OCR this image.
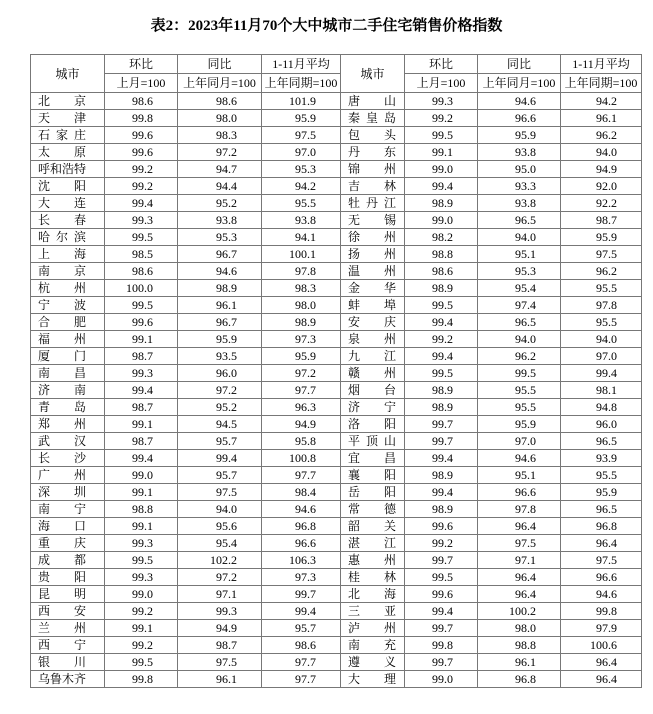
表2：2023年11月70个大中城市二手住宅销售价格指数
城市	环比	同比	1-11月平均	城市	环比	同比	1-11月平均
	上月=100	上年同月=100	上年同期=100		上月=100	上年同月=100	上年同期=100
北京	98.6	98.6	101.9	唐山	99.3	94.6	94.2
天津	99.8	98.0	95.9	秦皇岛	99.2	96.6	96.1
石家庄	99.6	98.3	97.5	包头	99.5	95.9	96.2
太原	99.6	97.2	97.0	丹东	99.1	93.8	94.0
呼和浩特	99.2	94.7	95.3	锦州	99.0	95.0	94.9
沈阳	99.2	94.4	94.2	吉林	99.4	93.3	92.0
大连	99.4	95.2	95.5	牡丹江	98.9	93.8	92.2
长春	99.3	93.8	93.8	无锡	99.0	96.5	98.7
哈尔滨	99.5	95.3	94.1	徐州	98.2	94.0	95.9
上海	98.5	96.7	100.1	扬州	98.8	95.1	97.5
南京	98.6	94.6	97.8	温州	98.6	95.3	96.2
杭州	100.0	98.9	98.3	金华	98.9	95.4	95.5
宁波	99.5	96.1	98.0	蚌埠	99.5	97.4	97.8
合肥	99.6	96.7	98.9	安庆	99.4	96.5	95.5
福州	99.1	95.9	97.3	泉州	99.2	94.0	94.0
厦门	98.7	93.5	95.9	九江	99.4	96.2	97.0
南昌	99.3	96.0	97.2	赣州	99.5	99.5	99.4
济南	99.4	97.2	97.7	烟台	98.9	95.5	98.1
青岛	98.7	95.2	96.3	济宁	98.9	95.5	94.8
郑州	99.1	94.5	94.9	洛阳	99.7	95.9	96.0
武汉	98.7	95.7	95.8	平顶山	99.7	97.0	96.5
长沙	99.4	99.4	100.8	宜昌	99.4	94.6	93.9
广州	99.0	95.7	97.7	襄阳	98.9	95.1	95.5
深圳	99.1	97.5	98.4	岳阳	99.4	96.6	95.9
南宁	98.8	94.0	94.6	常德	98.9	97.8	96.5
海口	99.1	95.6	96.8	韶关	99.6	96.4	96.8
重庆	99.3	95.4	96.6	湛江	99.2	97.5	96.4
成都	99.5	102.2	106.3	惠州	99.7	97.1	97.5
贵阳	99.3	97.2	97.3	桂林	99.5	96.4	96.6
昆明	99.0	97.1	99.7	北海	99.6	96.4	94.6
西安	99.2	99.3	99.4	三亚	99.4	100.2	99.8
兰州	99.1	94.9	95.7	泸州	99.7	98.0	97.9
西宁	99.2	98.7	98.6	南充	99.8	98.8	100.6
银川	99.5	97.5	97.7	遵义	99.7	96.1	96.4
乌鲁木齐	99.8	96.1	97.7	大理	99.0	96.8	96.4
